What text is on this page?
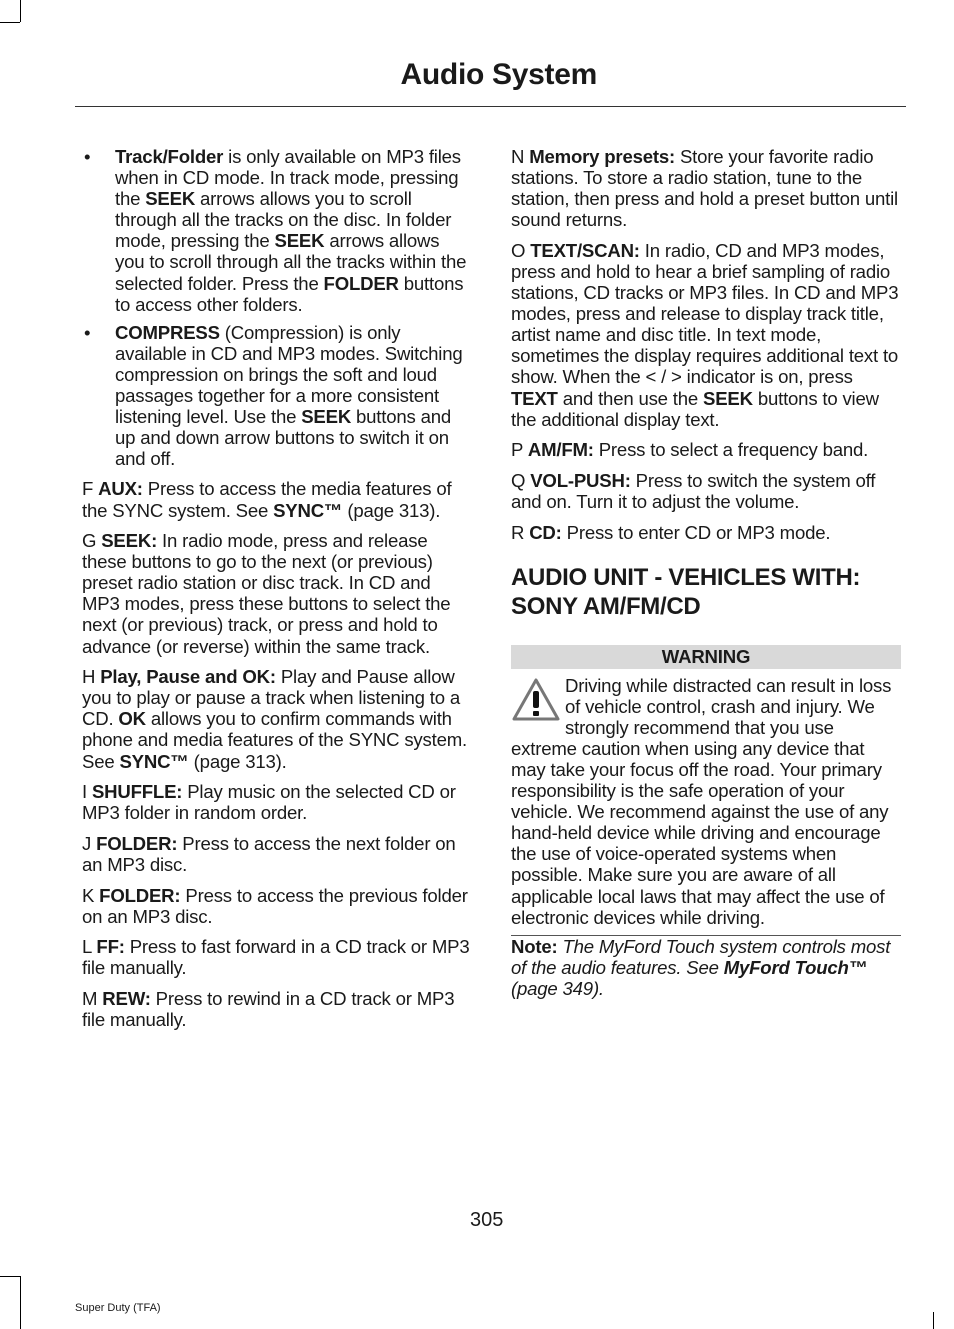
Audio System
• Track/Folder is only available on MP3 files when in CD mode. In track mode, pressing the SEEK arrows allows you to scroll through all the tracks on the disc. In folder mode, pressing the SEEK arrows allows you to scroll through all the tracks within the selected folder. Press the FOLDER buttons to access other folders.
• COMPRESS (Compression) is only available in CD and MP3 modes. Switching compression on brings the soft and loud passages together for a more consistent listening level. Use the SEEK buttons and up and down arrow buttons to switch it on and off.

F AUX: Press to access the media features of the SYNC system. See SYNC™ (page 313).

G SEEK: In radio mode, press and release these buttons to go to the next (or previous) preset radio station or disc track. In CD and MP3 modes, press these buttons to select the next (or previous) track, or press and hold to advance (or reverse) within the same track.

H Play, Pause and OK: Play and Pause allow you to play or pause a track when listening to a CD. OK allows you to confirm commands with phone and media features of the SYNC system. See SYNC™ (page 313).

I SHUFFLE: Play music on the selected CD or MP3 folder in random order.

J FOLDER: Press to access the next folder on an MP3 disc.

K FOLDER: Press to access the previous folder on an MP3 disc.

L FF: Press to fast forward in a CD track or MP3 file manually.

M REW: Press to rewind in a CD track or MP3 file manually.

N Memory presets: Store your favorite radio stations. To store a radio station, tune to the station, then press and hold a preset button until sound returns.

O TEXT/SCAN: In radio, CD and MP3 modes, press and hold to hear a brief sampling of radio stations, CD tracks or MP3 files. In CD and MP3 modes, press and release to display track title, artist name and disc title. In text mode, sometimes the display requires additional text to show. When the < / > indicator is on, press TEXT and then use the SEEK buttons to view the additional display text.

P AM/FM: Press to select a frequency band.

Q VOL-PUSH: Press to switch the system off and on. Turn it to adjust the volume.

R CD: Press to enter CD or MP3 mode.

AUDIO UNIT - VEHICLES WITH: SONY AM/FM/CD
WARNING
Driving while distracted can result in loss of vehicle control, crash and injury. We strongly recommend that you use extreme caution when using any device that may take your focus off the road. Your primary responsibility is the safe operation of your vehicle. We recommend against the use of any hand-held device while driving and encourage the use of voice-operated systems when possible. Make sure you are aware of all applicable local laws that may affect the use of electronic devices while driving.

Note: The MyFord Touch system controls most of the audio features. See MyFord Touch™ (page 349).

305
Super Duty (TFA)
